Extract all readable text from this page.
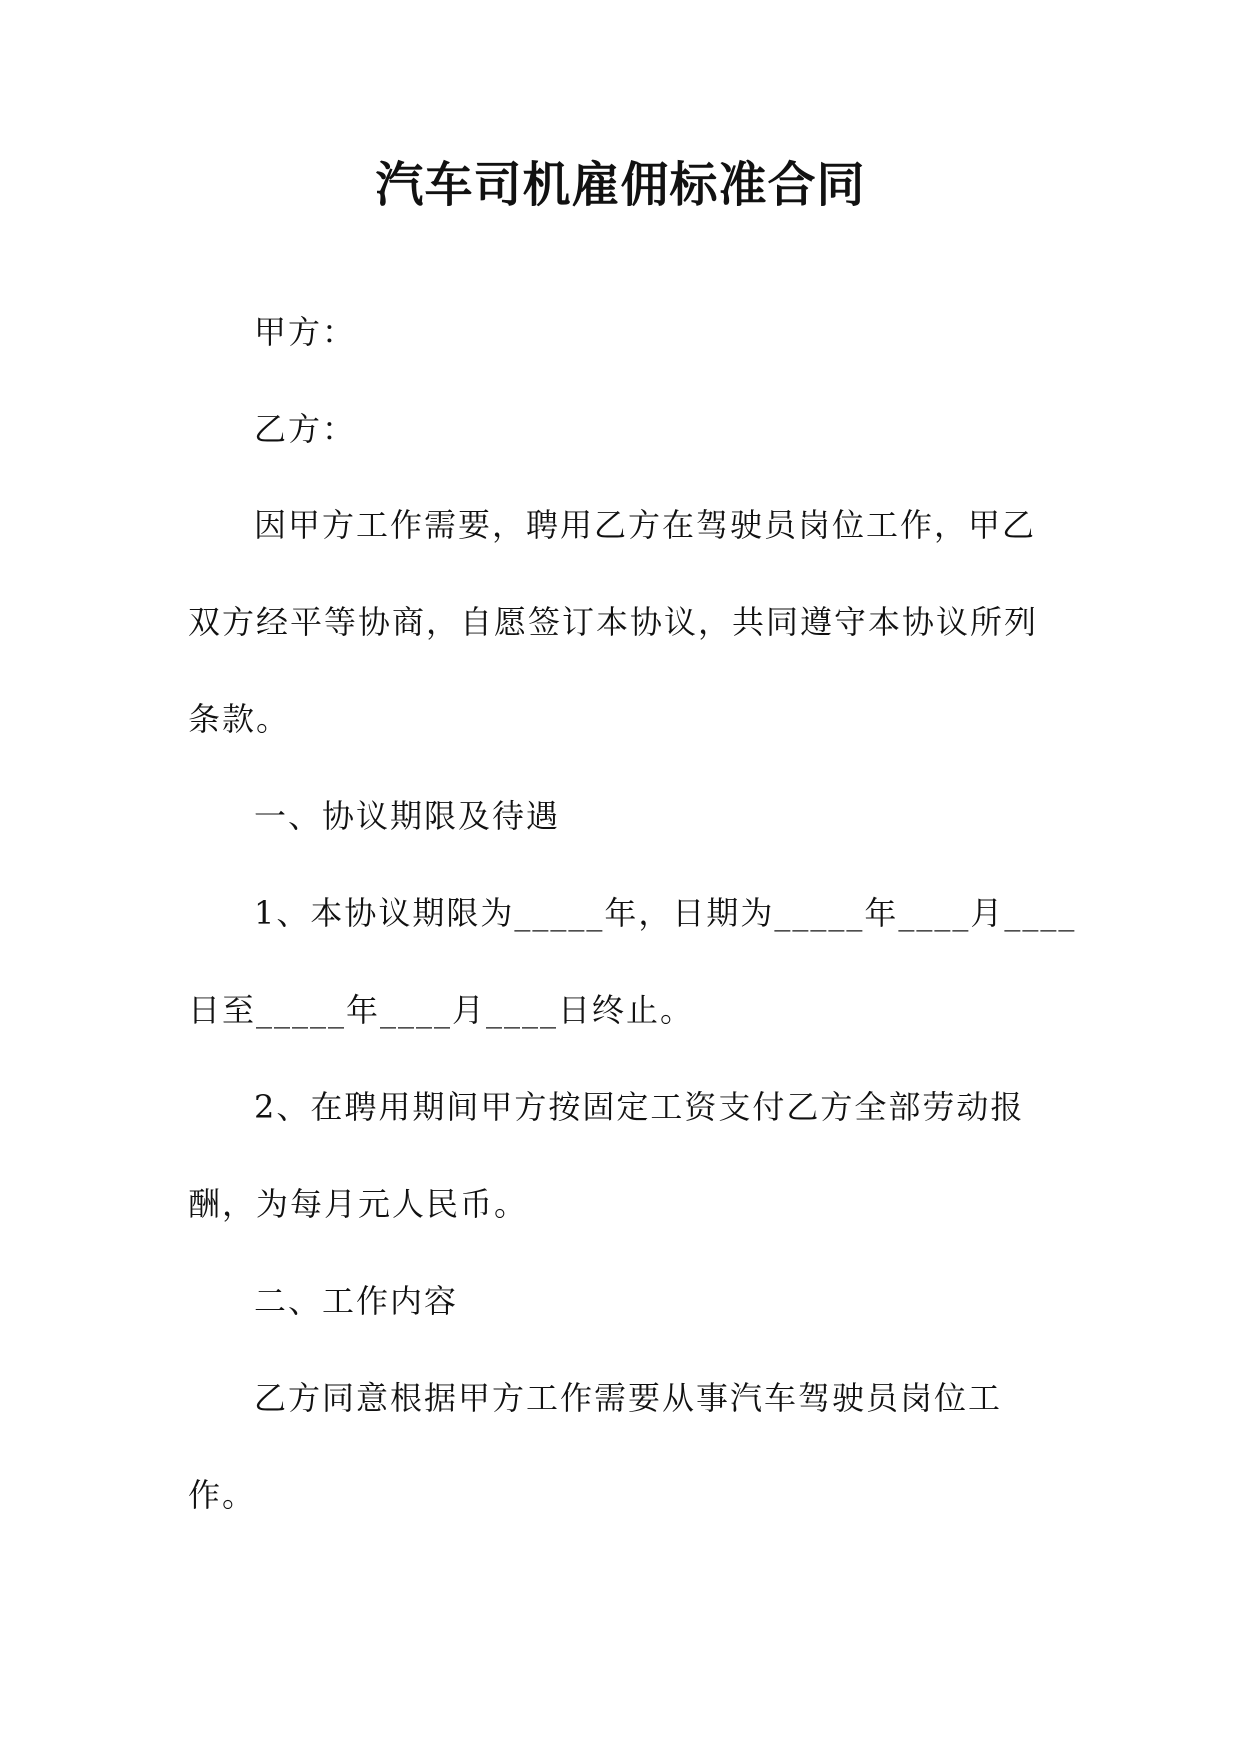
汽车司机雇佣标准合同
甲方：
乙方：
因甲方工作需要，聘用乙方在驾驶员岗位工作，甲乙
双方经平等协商，自愿签订本协议，共同遵守本协议所列
条款。
一、协议期限及待遇
1、本协议期限为_____年，日期为_____年____月____
日至_____年____月____日终止。
2、在聘用期间甲方按固定工资支付乙方全部劳动报
酬，为每月元人民币。
二、工作内容
乙方同意根据甲方工作需要从事汽车驾驶员岗位工
作。
